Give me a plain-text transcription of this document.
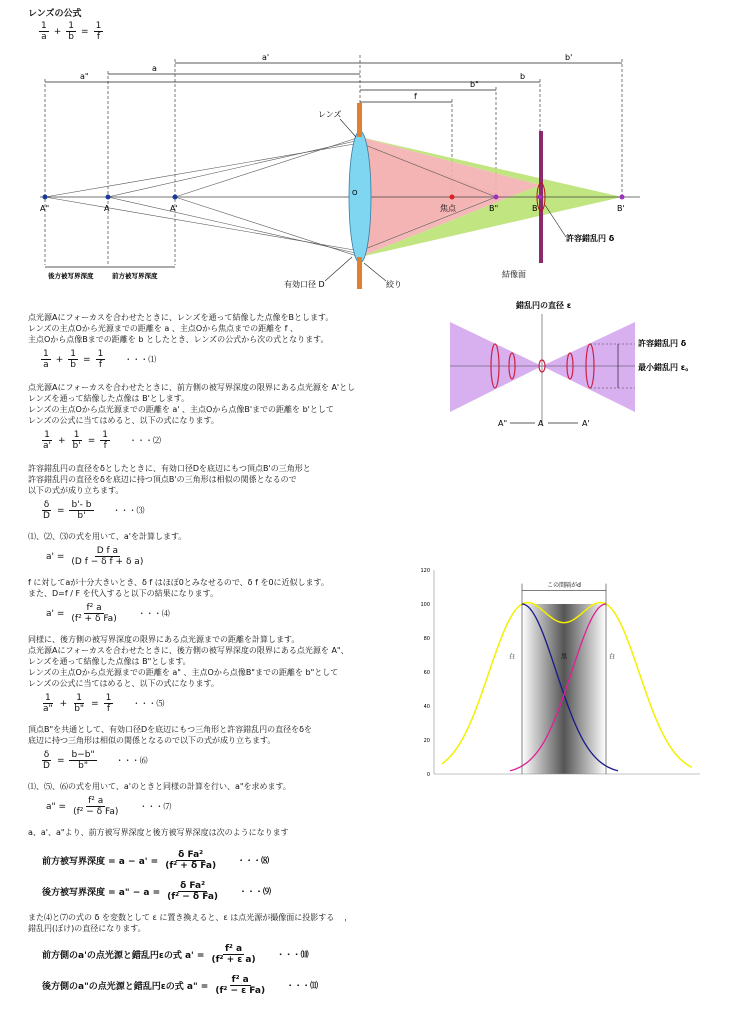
レンズの公式
$\frac{1}{a} + \frac{1}{b} = \frac{1}{f}$
a'	b'
a
a"	b
b"
f
レンズ
O
A"	A	A'	焦点	B"	B	B'
許容錯乱円 δ
結像面
有効口径 D	絞り
後方被写界深度	前方被写界深度
錯乱円の直径 ε
許容錯乱円 δ
最小錯乱円 ε。
A"	A	A'
点光源Aにフォーカスを合わせたときに、レンズを通って結像した点像をBとします。
レンズの主点Oから光源までの距離を a 、主点Oから焦点までの距離を f 、
主点Oから点像Bまでの距離を b としたとき、レンズの公式から次の式となります。
$\frac{1}{a} + \frac{1}{b} = \frac{1}{f}$ ・・・⑴
点光源Aにフォーカスを合わせたときに、前方側の被写界深度の限界にある点光源を A'とし
レンズを通って結像した点像は B'とします。
レンズの主点Oから点光源までの距離を a' 、主点Oから点像B'までの距離を b'として
レンズの公式に当てはめると、以下の式になります。
$\frac{1}{a'} + \frac{1}{b'} = \frac{1}{f}$ ・・・⑵
許容錯乱円の直径をδとしたときに、有効口径Dを底辺にもつ頂点B'の三角形と
許容錯乱円の直径をδを底辺に持つ頂点B'の三角形は相似の関係となるので
以下の式が成り立ちます。
$\frac{\delta}{D} = \frac{b'- b}{b'}$ ・・・⑶
⑴、⑵、⑶の式を用いて、a'を計算します。
$a' = \frac{\text{D f a}}{\text{(D f − δ f + δ a)}}$
f に対してaが十分大きいとき、δ f はほぼ0とみなせるので、δ f を0に近似します。
また、D=f / F を代入すると以下の結果になります。
$a' = \frac{\text{f² a}}{\text{(f² + δ Fa)}}$ ・・・⑷
同様に、後方側の被写界深度の限界にある点光源までの距離を計算します。
点光源Aにフォーカスを合わせたときに、後方側の被写界深度の限界にある点光源を A"、
レンズを通って結像した点像は B"とします。
レンズの主点Oから点光源までの距離を a" 、主点Oから点像B"までの距離を b"として
レンズの公式に当てはめると、以下の式になります。
$\frac{1}{a"} + \frac{1}{b"} = \frac{1}{f}$ ・・・⑸
頂点B"を共通として、有効口径Dを底辺にもつ三角形と許容錯乱円の直径をδを
底辺に持つ三角形は相似の関係となるので以下の式が成り立ちます。
$\frac{\delta}{D} = \frac{b-b"}{b"}$ ・・・⑹
⑴、⑸、⑹の式を用いて、a'のときと同様の計算を行い、a"を求めます。
a" = $\frac{\text{f² a}}{\text{(f² − δ Fa)}}$ ・・・⑺
a、a'、a"より、前方被写界深度と後方被写界深度は次のようになります
前方被写界深度 = $a - a' = \frac{\text{δ Fa²}}{\text{(f² + δ Fa)}}$ ・・・⑻
後方被写界深度 = a" − $a = \frac{\text{δ Fa²}}{\text{(f² − δ Fa)}}$ ・・・⑼
また⑷と⑺の式の δ を変数として ε に置き換えると、ε は点光源が撮像面に投影する ，
錯乱円(ぼけ)の直径になります。
前方側のa'の点光源と錯乱円εの式 $a' = \frac{\text{f² a}}{\text{(f² + ε a)}}$ ・・・⑽
後方側のa"の点光源と錯乱円εの式 a" = $\frac{\text{f² a}}{\text{(f² − ε Fa)}}$ ・・・⑾
0
20
40
60
80
100
120
この間隔がd
白	黒	白
